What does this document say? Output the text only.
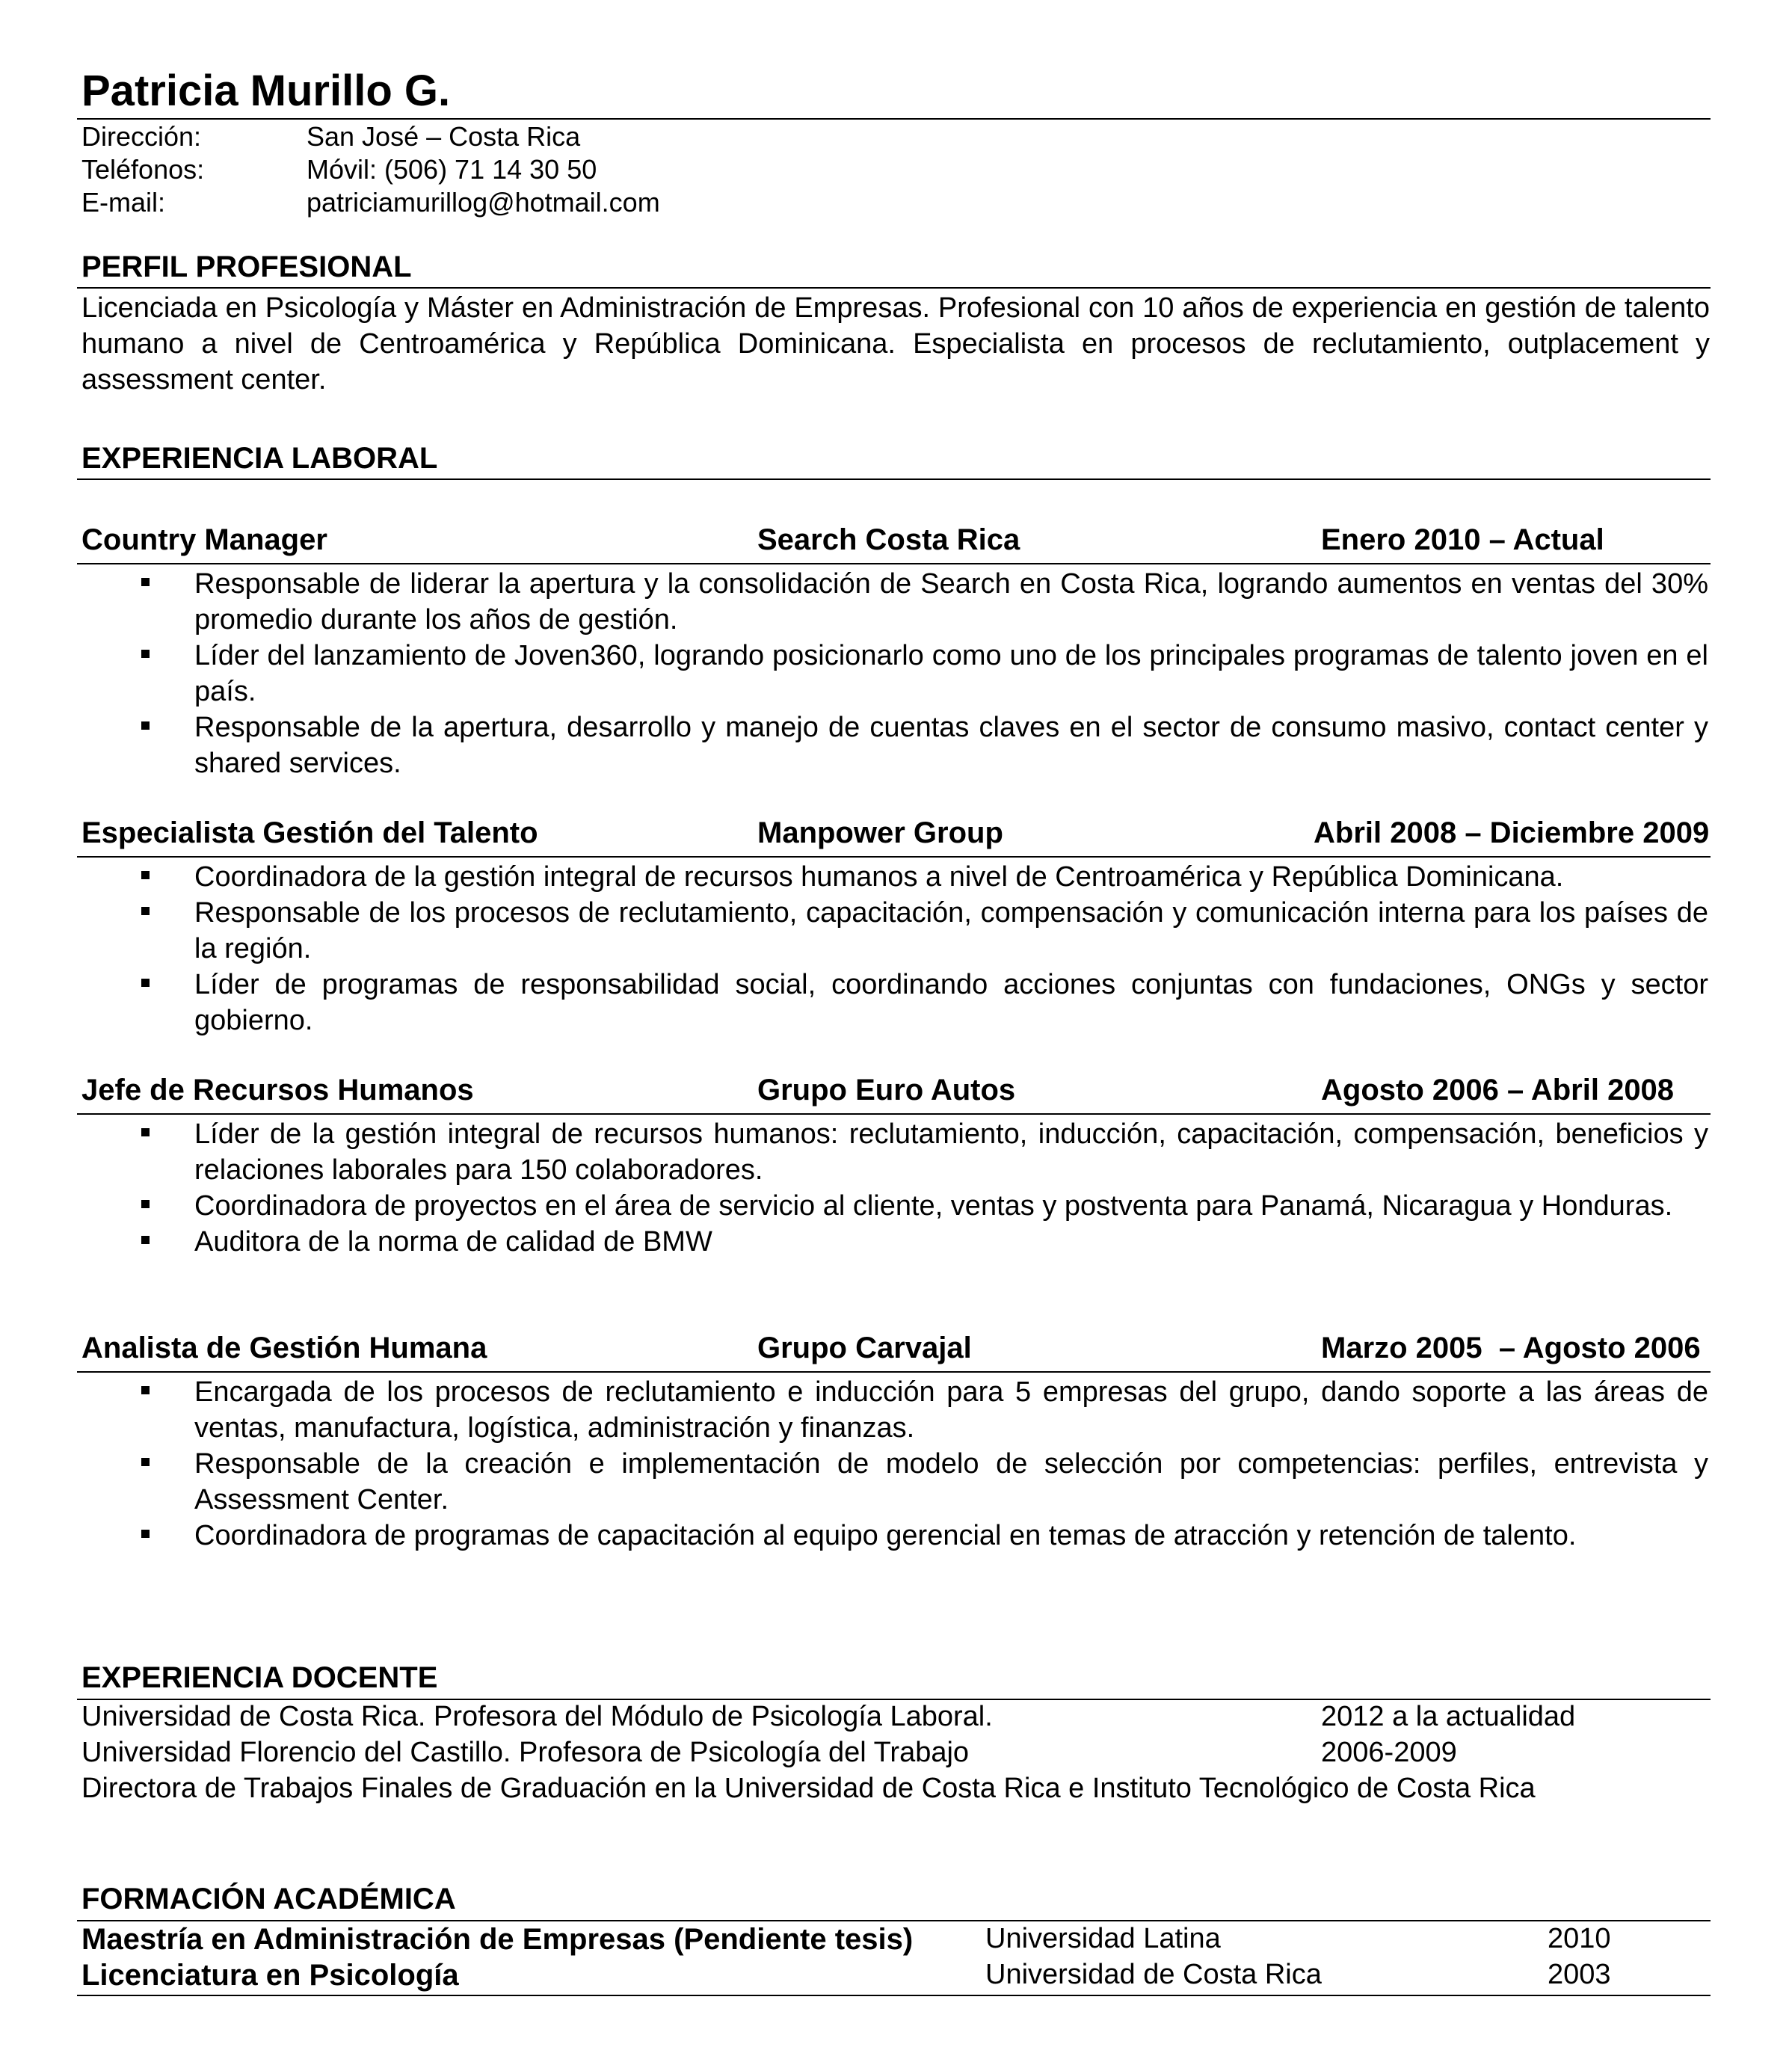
Patricia Murillo G.
Dirección:	San José – Costa Rica
Teléfonos:	Móvil: (506) 71 14 30 50
E-mail:	patriciamurillog@hotmail.com
PERFIL PROFESIONAL
Licenciada en Psicología y Máster en Administración de Empresas. Profesional con 10 años de experiencia en gestión de talento humano a nivel de Centroamérica y República Dominicana. Especialista en procesos de reclutamiento, outplacement y assessment center.
EXPERIENCIA LABORAL
Country Manager	Search Costa Rica	Enero 2010 – Actual
Responsable de liderar la apertura y la consolidación de Search en Costa Rica, logrando aumentos en ventas del 30% promedio durante los años de gestión.
Líder del lanzamiento de Joven360, logrando posicionarlo como uno de los principales programas de talento joven en el país.
Responsable de la apertura, desarrollo y manejo de cuentas claves en el sector de consumo masivo, contact center y shared services.
Especialista Gestión del Talento	Manpower Group	Abril 2008 – Diciembre 2009
Coordinadora de la gestión integral de recursos humanos a nivel de Centroamérica y República Dominicana.
Responsable de los procesos de reclutamiento, capacitación, compensación y comunicación interna para los países de la región.
Líder de programas de responsabilidad social, coordinando acciones conjuntas con fundaciones, ONGs y sector gobierno.
Jefe de Recursos Humanos	Grupo Euro Autos	Agosto 2006 – Abril 2008
Líder de la gestión integral de recursos humanos: reclutamiento, inducción, capacitación, compensación, beneficios y relaciones laborales para 150 colaboradores.
Coordinadora de proyectos en el área de servicio al cliente, ventas y postventa para Panamá, Nicaragua y Honduras.
Auditora de la norma de calidad de BMW
Analista de Gestión Humana	Grupo Carvajal	Marzo 2005  – Agosto 2006
Encargada de los procesos de reclutamiento e inducción para 5 empresas del grupo, dando soporte a las áreas de ventas, manufactura, logística, administración y finanzas.
Responsable de la creación e implementación de modelo de selección por competencias: perfiles, entrevista y Assessment Center.
Coordinadora de programas de capacitación al equipo gerencial en temas de atracción y retención de talento.
EXPERIENCIA DOCENTE
Universidad de Costa Rica. Profesora del Módulo de Psicología Laboral.	2012 a la actualidad
Universidad Florencio del Castillo. Profesora de Psicología del Trabajo	2006-2009
Directora de Trabajos Finales de Graduación en la Universidad de Costa Rica e Instituto Tecnológico de Costa Rica
FORMACIÓN ACADÉMICA
Maestría en Administración de Empresas (Pendiente tesis)	Universidad Latina	2010
Licenciatura en Psicología	Universidad de Costa Rica	2003
